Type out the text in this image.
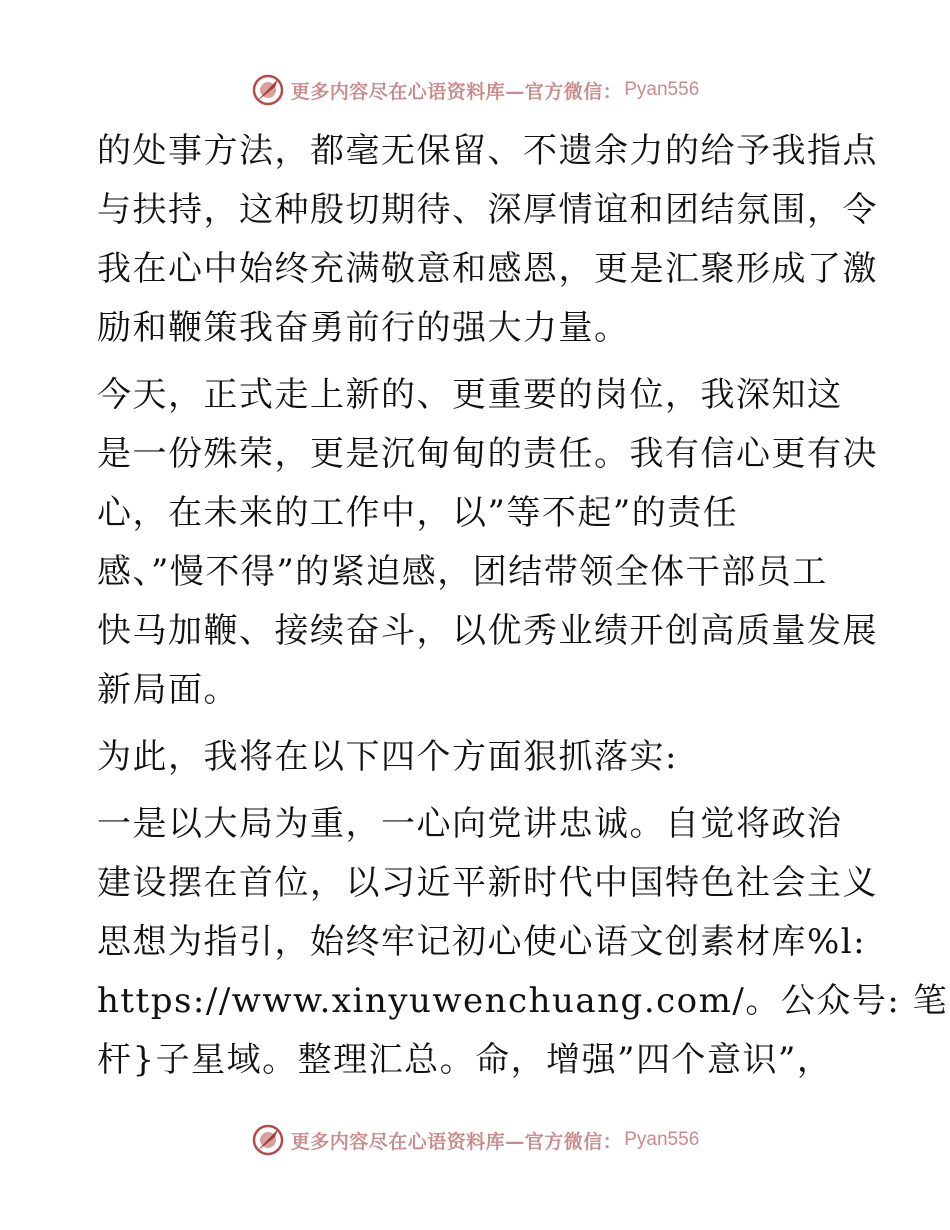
更多内容尽在心语资料库—官方微信： Pyan556

的处事方法，都毫无保留、不遗余力的给予我指点
与扶持，这种殷切期待、深厚情谊和团结氛围，令
我在心中始终充满敬意和感恩，更是汇聚形成了激
励和鞭策我奋勇前行的强大力量。

今天，正式走上新的、更重要的岗位，我深知这
是一份殊荣，更是沉甸甸的责任。我有信心更有决
心，在未来的工作中，以”等不起”的责任
感、”慢不得”的紧迫感，团结带领全体干部员工
快马加鞭、接续奋斗，以优秀业绩开创高质量发展
新局面。

为此，我将在以下四个方面狠抓落实:

一是以大局为重，一心向党讲忠诚。自觉将政治
建设摆在首位，以习近平新时代中国特色社会主义
思想为指引，始终牢记初心使心语文创素材库%l:
https://www.xinyuwenchuang.com/。公众号: 笔
杆}子星域。整理汇总。命，增强”四个意识”，

更多内容尽在心语资料库—官方微信： Pyan556
